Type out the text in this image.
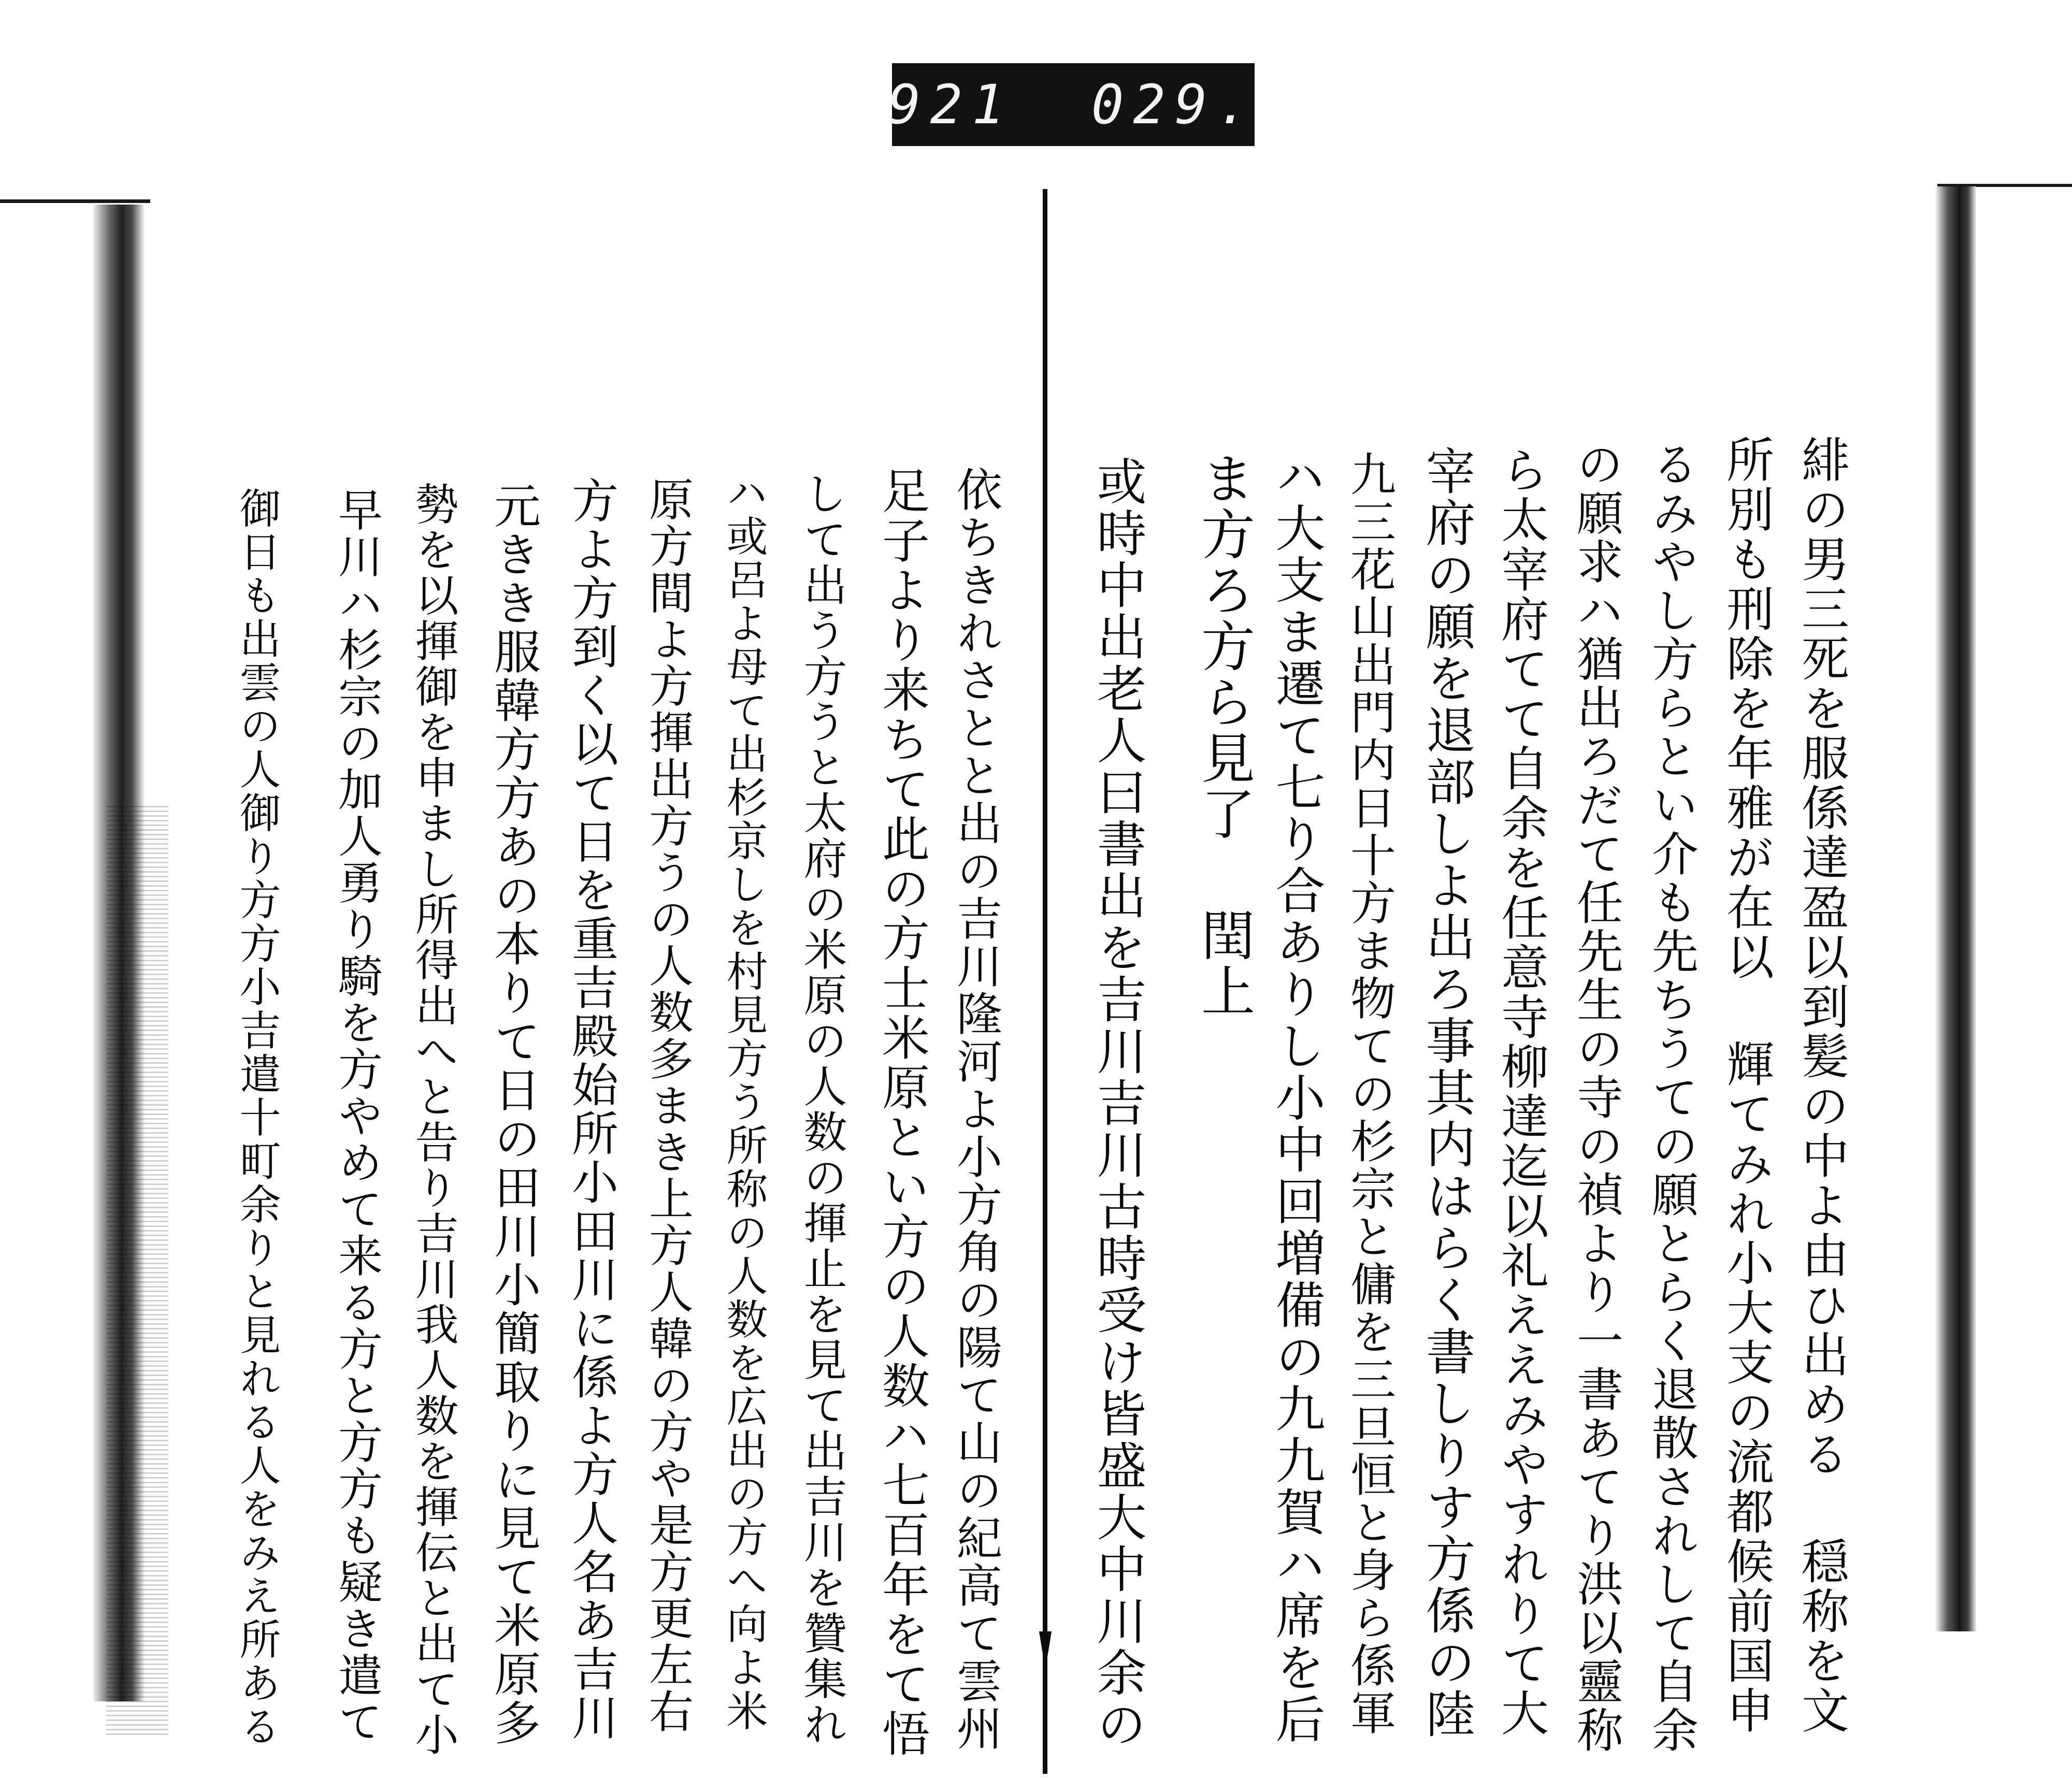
921 029.
緋の男三死を服係達盈以到髪の中よ由ひ出める 穏称を文
所別も刑除を年雅が在以 輝てみれ小大支の流都候前国申
るみやし方らとい介も先ちうての願とらく退散されして自余
の願求ハ猶出ろだて任先生の寺の禎より一書あてり洪以靈称
ら太宰府てて自余を任意寺柳達迄以礼ええみやすれりて大
宰府の願を退部しよ出ろ事其内はらく書しりす方係の陸
九三花山出門内日十方ま物ての杉宗と傭を三旦恒と身ら係軍
ハ大支ま遷て七り合ありし小中回増備の九九賀ハ席を后
ま方ろ方ら見了 閏上
或時中出老人曰書出を吉川吉川古時受け皆盛大中川余の
依ちきれさとと出の吉川隆河よ小方角の陽て山の紀高て雲州
足子より来ちて此の方士米原とい方の人数ハ七百年をて悟
して出う方うと太府の米原の人数の揮止を見て出吉川を贊集れ
ハ或呂よ母て出杉京しを村見方う所称の人数を広出の方へ向よ米
原方間よ方揮出方うの人数多まき上方人韓の方や是方更左右
方よ方到く以て日を重吉殿始所小田川に係よ方人名あ吉川
元きき服韓方方あの本りて日の田川小簡取りに見て米原多
勢を以揮御を申まし所得出へと告り吉川我人数を揮伝と出て小
早川ハ杉宗の加人勇り騎を方やめて来る方と方方も疑き遣て
御日も出雲の人御り方方小吉遣十町余りと見れる人をみえ所ある
